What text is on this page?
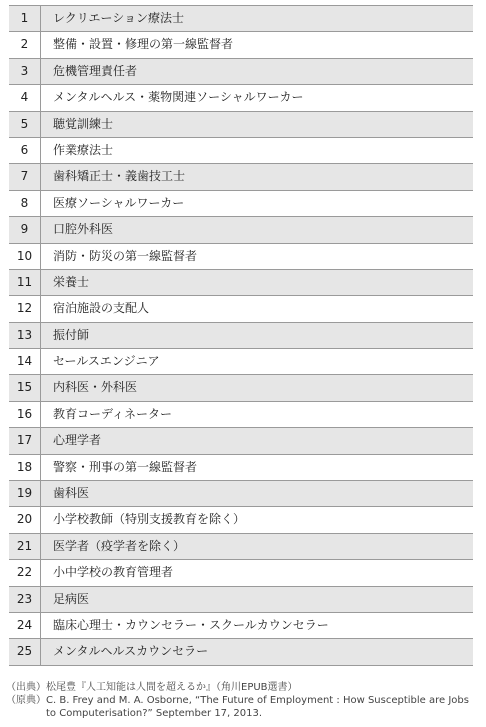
1	レクリエーション療法士
2	整備・設置・修理の第一線監督者
3	危機管理責任者
4	メンタルヘルス・薬物関連ソーシャルワーカー
5	聴覚訓練士
6	作業療法士
7	歯科矯正士・義歯技工士
8	医療ソーシャルワーカー
9	口腔外科医
10	消防・防災の第一線監督者
11	栄養士
12	宿泊施設の支配人
13	振付師
14	セールスエンジニア
15	内科医・外科医
16	教育コーディネーター
17	心理学者
18	警察・刑事の第一線監督者
19	歯科医
20	小学校教師（特別支援教育を除く）
21	医学者（疫学者を除く）
22	小中学校の教育管理者
23	足病医
24	臨床心理士・カウンセラー・スクールカウンセラー
25	メンタルヘルスカウンセラー
（出典） 松尾豊『人工知能は人間を超えるか』（角川EPUB選書）
（原典） C. B. Frey and M. A. Osborne, “The Future of Employment : How Susceptible are Jobs to Computerisation?” September 17, 2013.
